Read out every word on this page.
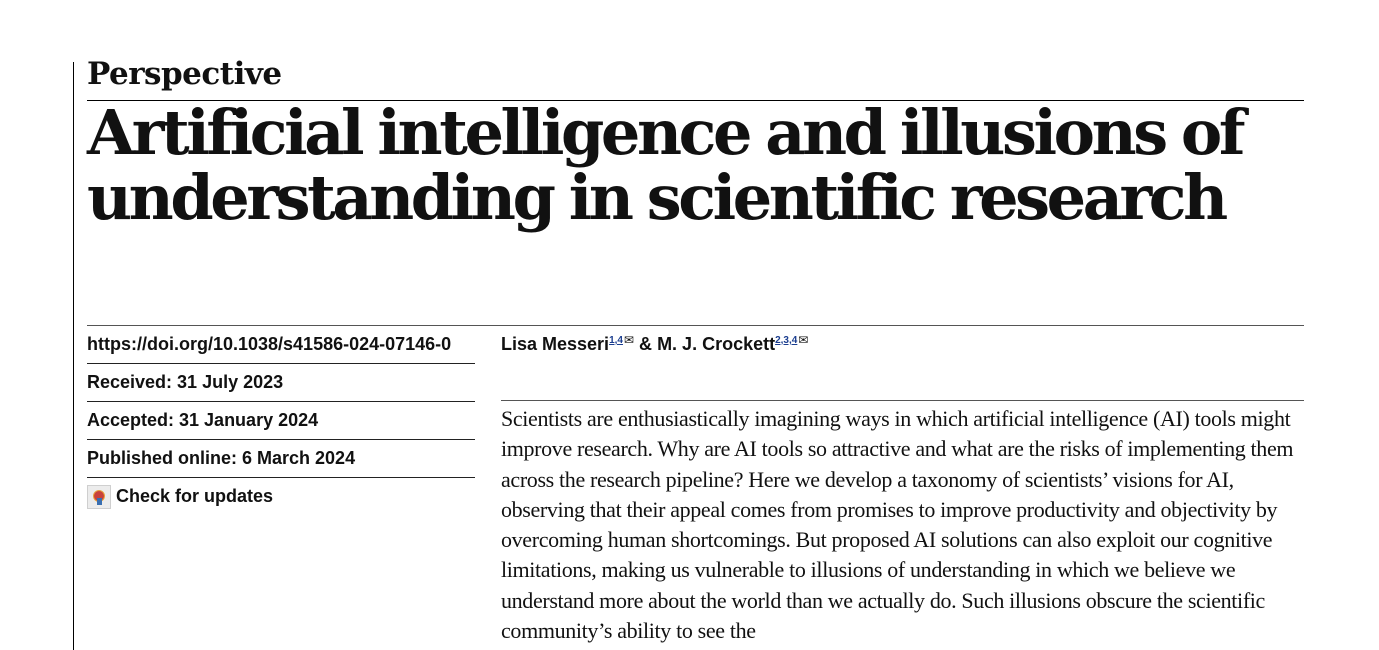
Perspective
Artificial intelligence and illusions of understanding in scientific research
https://doi.org/10.1038/s41586-024-07146-0
Received: 31 July 2023
Accepted: 31 January 2024
Published online: 6 March 2024
Check for updates
Lisa Messeri$^{1,4✉}$ & M. J. Crockett$^{2,3,4✉}$

Scientists are enthusiastically imagining ways in which artificial intelligence (AI) tools might improve research. Why are AI tools so attractive and what are the risks of implementing them across the research pipeline? Here we develop a taxonomy of scientists’ visions for AI, observing that their appeal comes from promises to improve productivity and objectivity by overcoming human shortcomings. But proposed AI solutions can also exploit our cognitive limitations, making us vulnerable to illusions of understanding in which we believe we understand more about the world than we actually do. Such illusions obscure the scientific community’s ability to see the
